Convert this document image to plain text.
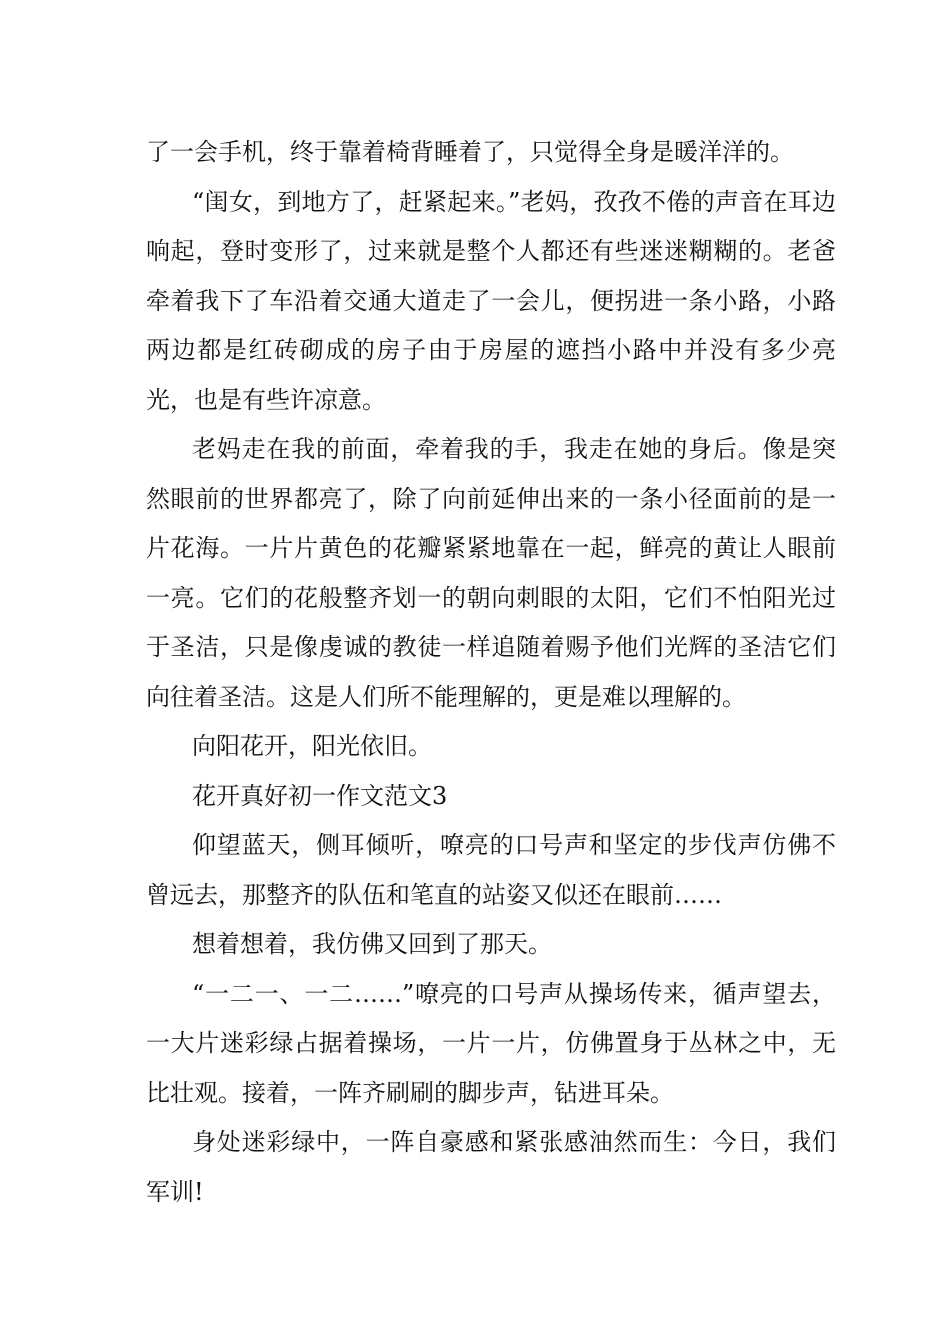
了一会手机，终于靠着椅背睡着了，只觉得全身是暖洋洋的。

“闺女，到地方了，赶紧起来。”老妈，孜孜不倦的声音在耳边响起，登时变形了，过来就是整个人都还有些迷迷糊糊的。老爸牵着我下了车沿着交通大道走了一会儿，便拐进一条小路，小路两边都是红砖砌成的房子由于房屋的遮挡小路中并没有多少亮光，也是有些许凉意。

老妈走在我的前面，牵着我的手，我走在她的身后。像是突然眼前的世界都亮了，除了向前延伸出来的一条小径面前的是一片花海。一片片黄色的花瓣紧紧地靠在一起，鲜亮的黄让人眼前一亮。它们的花般整齐划一的朝向刺眼的太阳，它们不怕阳光过于圣洁，只是像虔诚的教徒一样追随着赐予他们光辉的圣洁它们向往着圣洁。这是人们所不能理解的，更是难以理解的。

向阳花开，阳光依旧。

花开真好初一作文范文3

仰望蓝天，侧耳倾听，嘹亮的口号声和坚定的步伐声仿佛不曾远去，那整齐的队伍和笔直的站姿又似还在眼前……

想着想着，我仿佛又回到了那天。

“一二一、一二……”嘹亮的口号声从操场传来，循声望去，一大片迷彩绿占据着操场，一片一片，仿佛置身于丛林之中，无比壮观。接着，一阵齐刷刷的脚步声，钻进耳朵。

身处迷彩绿中，一阵自豪感和紧张感油然而生：今日，我们军训!
